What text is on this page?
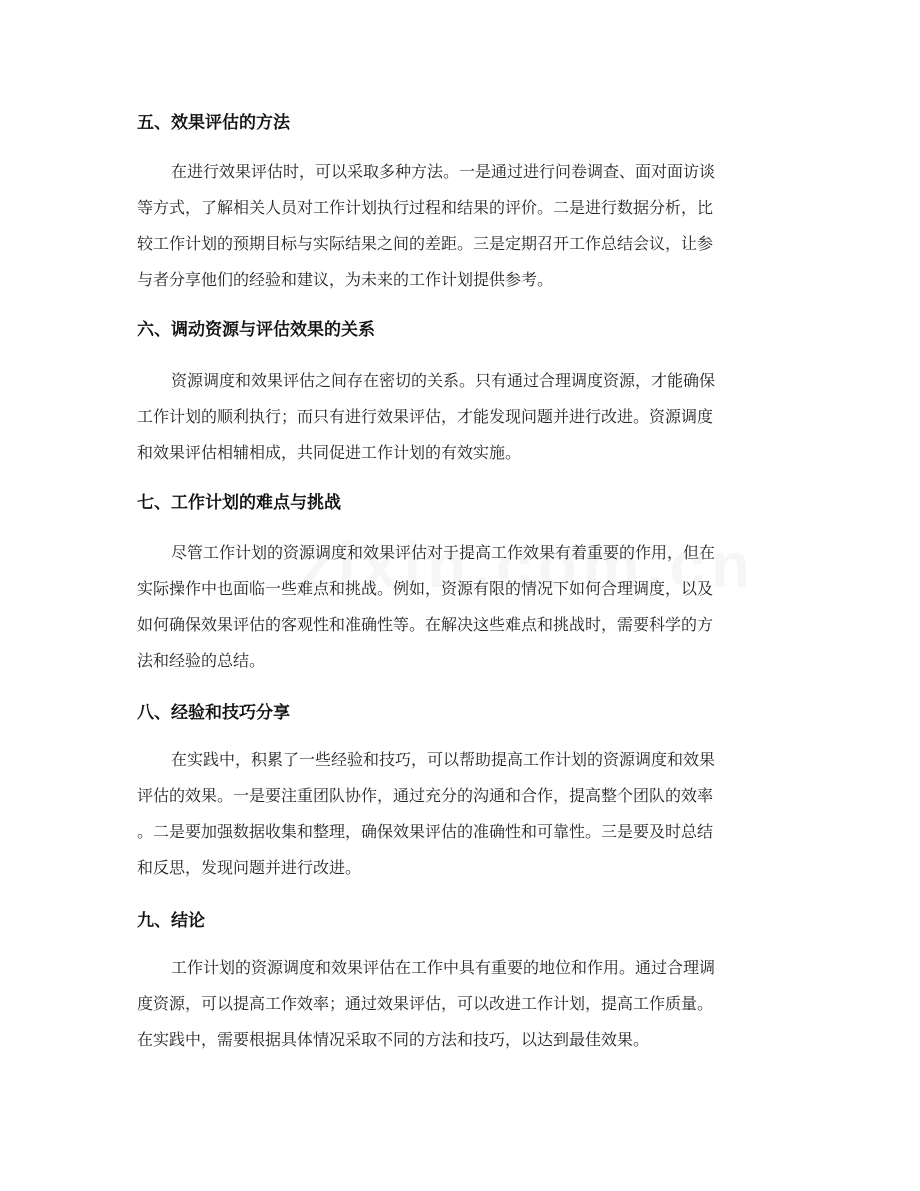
五、效果评估的方法
在进行效果评估时，可以采取多种方法。一是通过进行问卷调查、面对面访谈
等方式，了解相关人员对工作计划执行过程和结果的评价。二是进行数据分析，比
较工作计划的预期目标与实际结果之间的差距。三是定期召开工作总结会议，让参
与者分享他们的经验和建议，为未来的工作计划提供参考。
六、调动资源与评估效果的关系
资源调度和效果评估之间存在密切的关系。只有通过合理调度资源，才能确保
工作计划的顺利执行；而只有进行效果评估，才能发现问题并进行改进。资源调度
和效果评估相辅相成，共同促进工作计划的有效实施。
七、工作计划的难点与挑战
尽管工作计划的资源调度和效果评估对于提高工作效果有着重要的作用，但在
实际操作中也面临一些难点和挑战。例如，资源有限的情况下如何合理调度，以及
如何确保效果评估的客观性和准确性等。在解决这些难点和挑战时，需要科学的方
法和经验的总结。
八、经验和技巧分享
在实践中，积累了一些经验和技巧，可以帮助提高工作计划的资源调度和效果
评估的效果。一是要注重团队协作，通过充分的沟通和合作，提高整个团队的效率
。二是要加强数据收集和整理，确保效果评估的准确性和可靠性。三是要及时总结
和反思，发现问题并进行改进。
九、结论
工作计划的资源调度和效果评估在工作中具有重要的地位和作用。通过合理调
度资源，可以提高工作效率；通过效果评估，可以改进工作计划，提高工作质量。
在实践中，需要根据具体情况采取不同的方法和技巧，以达到最佳效果。
